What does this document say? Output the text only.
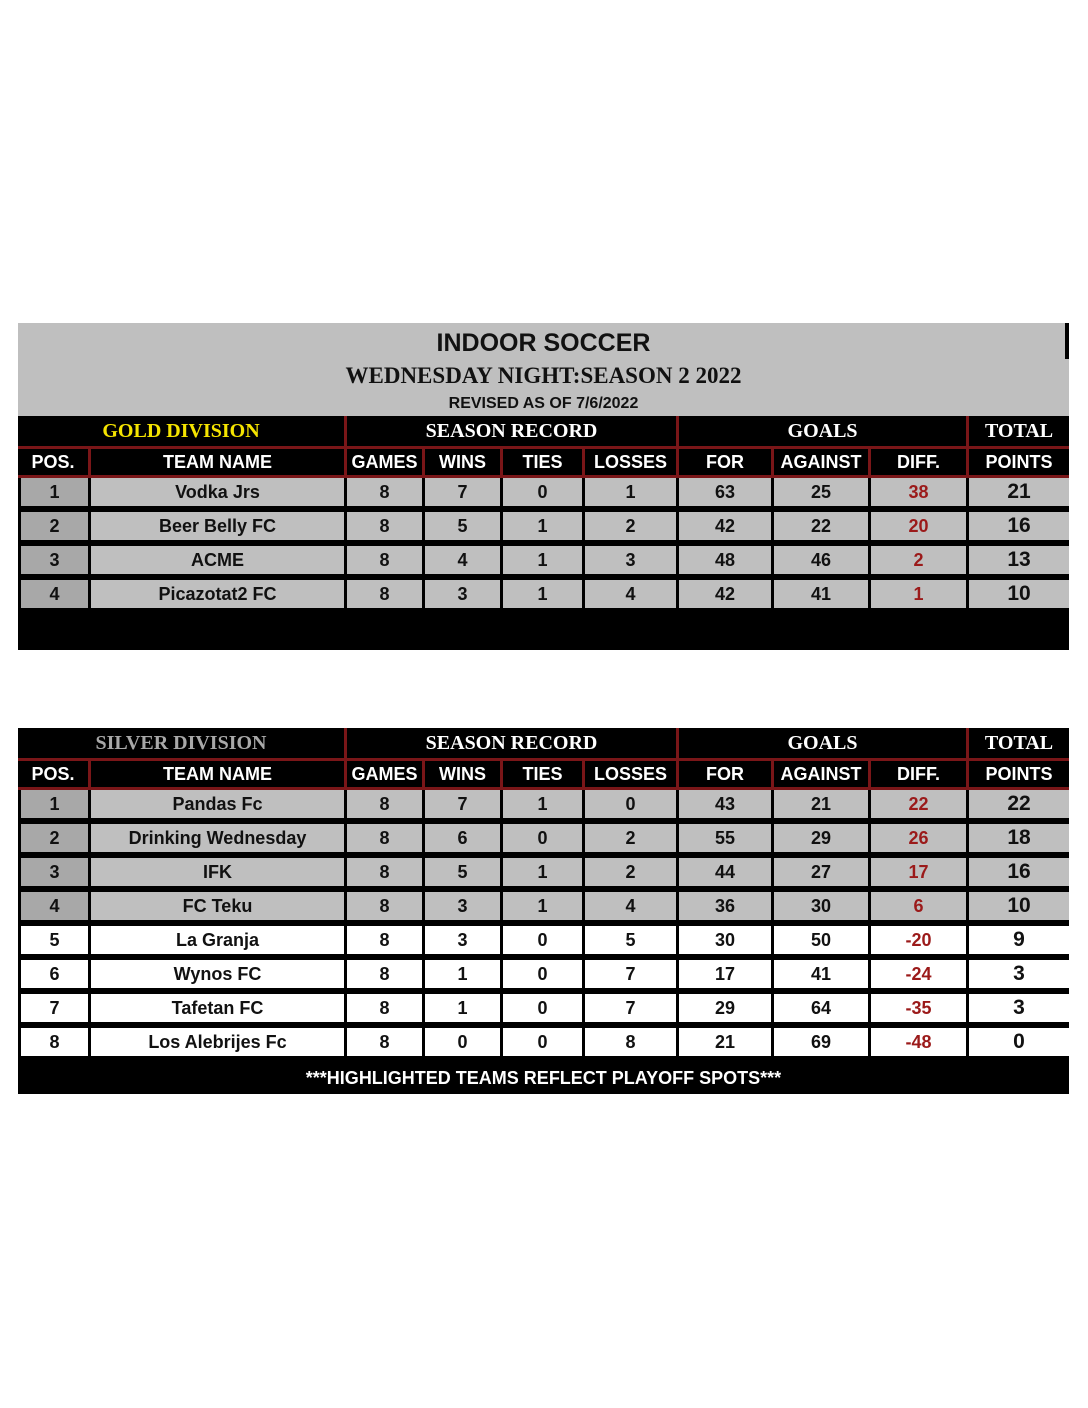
INDOOR SOCCER
WEDNESDAY NIGHT:SEASON 2 2022
REVISED AS OF 7/6/2022
GOLD DIVISION		SEASON RECORD				GOALS			TOTAL
POS.	TEAM NAME	GAMES	WINS	TIES	LOSSES	FOR	AGAINST	DIFF.	POINTS
1	Vodka Jrs	8	7	0	1	63	25	38	21
2	Beer Belly FC	8	5	1	2	42	22	20	16
3	ACME	8	4	1	3	48	46	2	13
4	Picazotat2 FC	8	3	1	4	42	41	1	10
SILVER DIVISION		SEASON RECORD				GOALS			TOTAL
POS.	TEAM NAME	GAMES	WINS	TIES	LOSSES	FOR	AGAINST	DIFF.	POINTS
1	Pandas Fc	8	7	1	0	43	21	22	22
2	Drinking Wednesday	8	6	0	2	55	29	26	18
3	IFK	8	5	1	2	44	27	17	16
4	FC Teku	8	3	1	4	36	30	6	10
5	La Granja	8	3	0	5	30	50	-20	9
6	Wynos FC	8	1	0	7	17	41	-24	3
7	Tafetan FC	8	1	0	7	29	64	-35	3
8	Los Alebrijes Fc	8	0	0	8	21	69	-48	0
***HIGHLIGHTED TEAMS REFLECT PLAYOFF SPOTS***
